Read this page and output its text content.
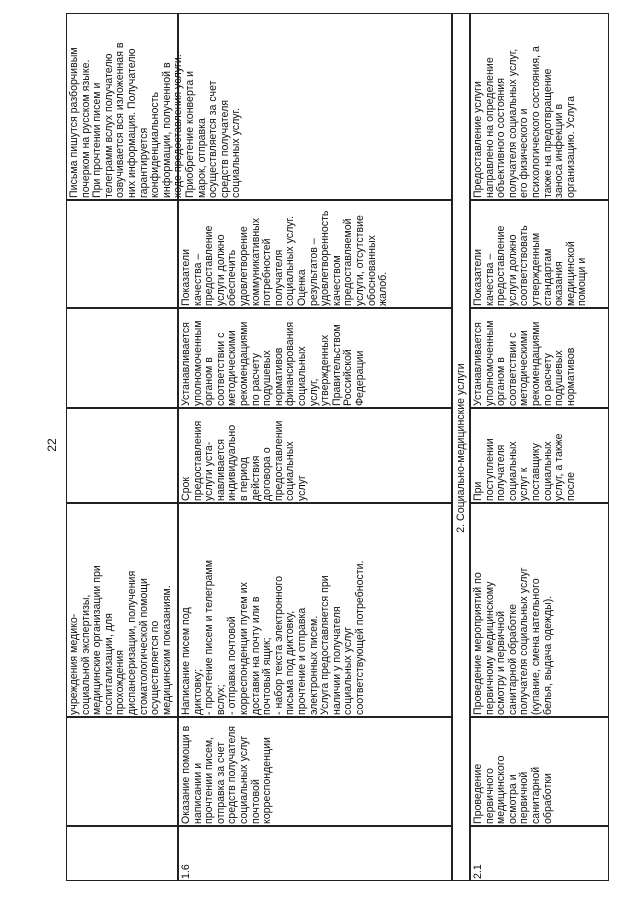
22
учреждения медико-
социальной экспертизы,
медицинские организации при
госпитализации, для
прохождения
диспансеризации, получения
стоматологической помощи
осуществляется по
медицинским показаниям.
Письма пишутся разборчивым
почерком на русском языке.
При прочтении писем и
телеграмм вслух получателю
озвучивается вся изложенная в
них информация. Получателю
гарантируется
конфиденциальность
информации, полученной в
ходе предоставления услуги.
Приобретение конверта и
марок, отправка
осуществляется за счет
средств получателя
социальных услуг.
1.6
Оказание помощи в
написании и
прочтении писем,
отправка за счет
средств получателя
социальных услуг
почтовой
корреспонденции
Написание писем под
диктовку;
- прочтение писем и телеграмм
вслух;
- отправка почтовой
корреспонденции путем их
доставки на почту или в
почтовый ящик;
- набор текста электронного
письма под диктовку,
прочтение и отправка
электронных писем.
Услуга предоставляется при
наличии у получателя
социальных услуг
соответствующей потребности.
Срок
предоставления
услуги уста-
навливается
индивидуально
в период
действия
договора о
предоставлении
социальных
услуг
Устанавливается
уполномоченным
органом в
соответствии с
методическими
рекомендациями
по расчету
подушевых
нормативов
финансирования
социальных
услуг,
утвержденных
Правительством
Российской
Федерации
Показатели
качества –
предоставление
услуги должно
обеспечить
удовлетворение
коммуникативных
потребностей
получателя
социальных услуг.
Оценка
результатов –
удовлетворенность
качеством
предоставляемой
услуги, отсутствие
обоснованных
жалоб.
2. Социально-медицинские услуги
2.1
Проведение
первичного
медицинского
осмотра и
первичной
санитарной
обработки
Проведение мероприятий по
первичному медицинскому
осмотру и первичной
санитарной обработке
получателя социальных услуг
(купание, смена нательного
белья, выдача одежды).
При
поступлении
получателя
социальных
услуг к
поставщику
социальных
услуг, а также
после
Устанавливается
уполномоченным
органом в
соответствии с
методическими
рекомендациями
по расчету
подушевых
нормативов
Показатели
качества –
предоставление
услуги должно
соответствовать
утвержденным
стандартам оказания
медицинской
помощи и
Предоставление услуги
направлено на определение
объективного состояния
получателя социальных услуг,
его физического и
психологического состояния, а
также на предотвращение
заноса инфекции в
организацию. Услуга
